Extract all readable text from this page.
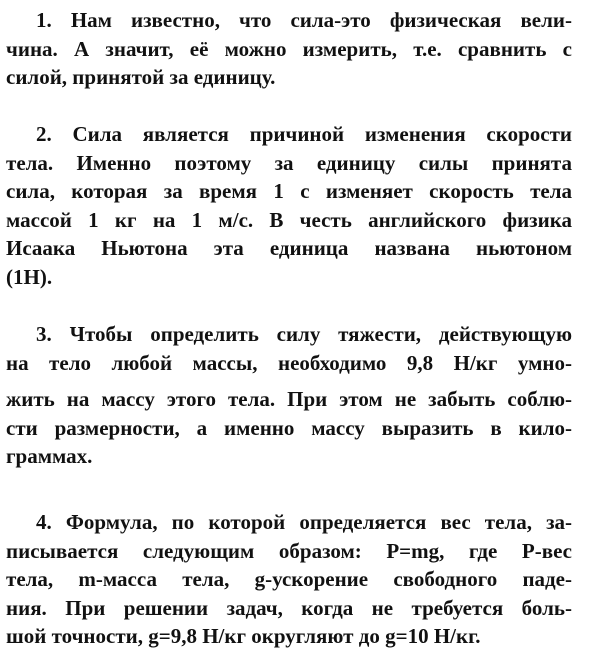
1. Нам известно, что сила-это физическая вели-
чина. А значит, её можно измерить, т.е. сравнить с
силой, принятой за единицу.
2. Сила является причиной изменения скорости
тела. Именно поэтому за единицу силы принята
сила, которая за время 1 с изменяет скорость тела
массой 1 кг на 1 м/с. В честь английского физика
Исаака Ньютона эта единица названа ньютоном
(1Н).
3. Чтобы определить силу тяжести, действующую
на тело любой массы, необходимо 9,8 Н/кг умно-
жить на массу этого тела. При этом не забыть соблю-
сти размерности, а именно массу выразить в кило-
граммах.
4. Формула, по которой определяется вес тела, за-
писывается следующим образом: P=mg, где P-вес
тела, m-масса тела, g-ускорение свободного паде-
ния. При решении задач, когда не требуется боль-
шой точности, g=9,8 Н/кг округляют до g=10 Н/кг.
